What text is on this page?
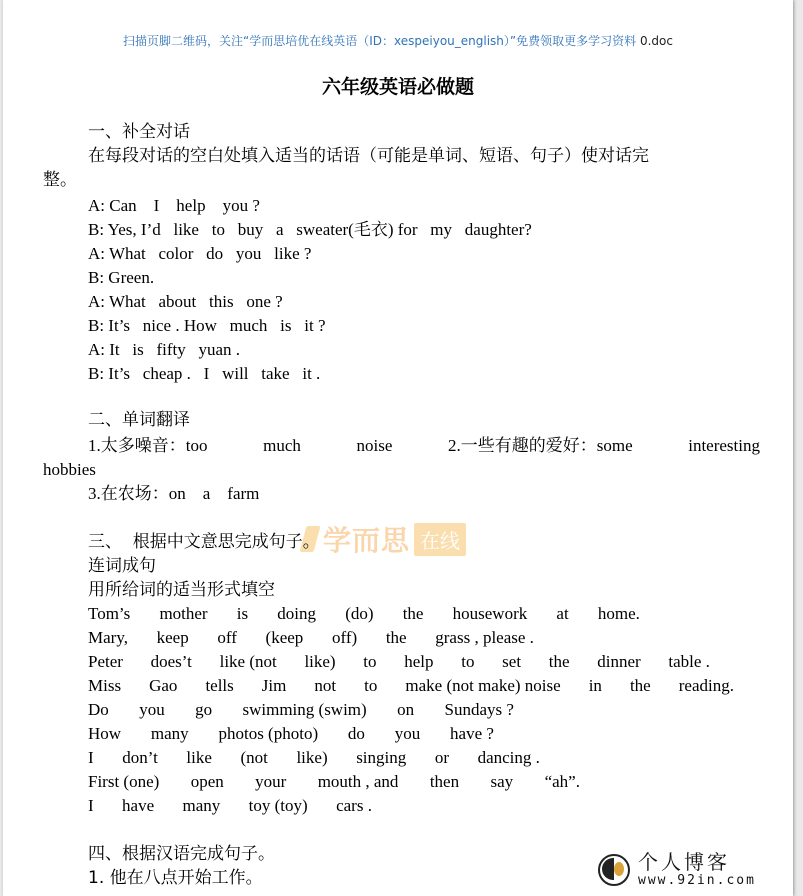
扫描页脚二维码，关注“学而思培优在线英语（ID：xespeiyou_english）”免费领取更多学习资料 0.doc
六年级英语必做题
一、补全对话
在每段对话的空白处填入适当的话语（可能是单词、短语、句子）使对话完
整。
A: Can    I    help    you ?
B: Yes, I’d   like   to   buy   a   sweater(毛衣) for   my   daughter?
A: What   color   do   you   like ?
B: Green.
A: What   about   this   one ?
B: It’s   nice . How   much   is   it ?
A: It   is   fifty   yuan .
B: It’s   cheap .   I   will   take   it .
二、单词翻译
1.太多噪音：too	much	noise	2.一些有趣的爱好：some	interesting
hobbies
3.在农场：on    a    farm
学而思 在线
三、  根据中文意思完成句子。
连词成句
用所给词的适当形式填空
Tom’s mother is doing (do) the housework at home.
Mary, keep off (keep off) the grass , please .
Peter does’t like (not like) to help to set the dinner table .
Miss Gao tells Jim not to make (not make) noise in the reading.
Do you go swimming (swim) on Sundays ?
How many photos (photo) do you have ?
I don’t like (not like) singing or dancing .
First (one) open your mouth , and then say “ah”.
I have many toy (toy) cars .
四、根据汉语完成句子。
1. 他在八点开始工作。
个人博客
www.92in.com
